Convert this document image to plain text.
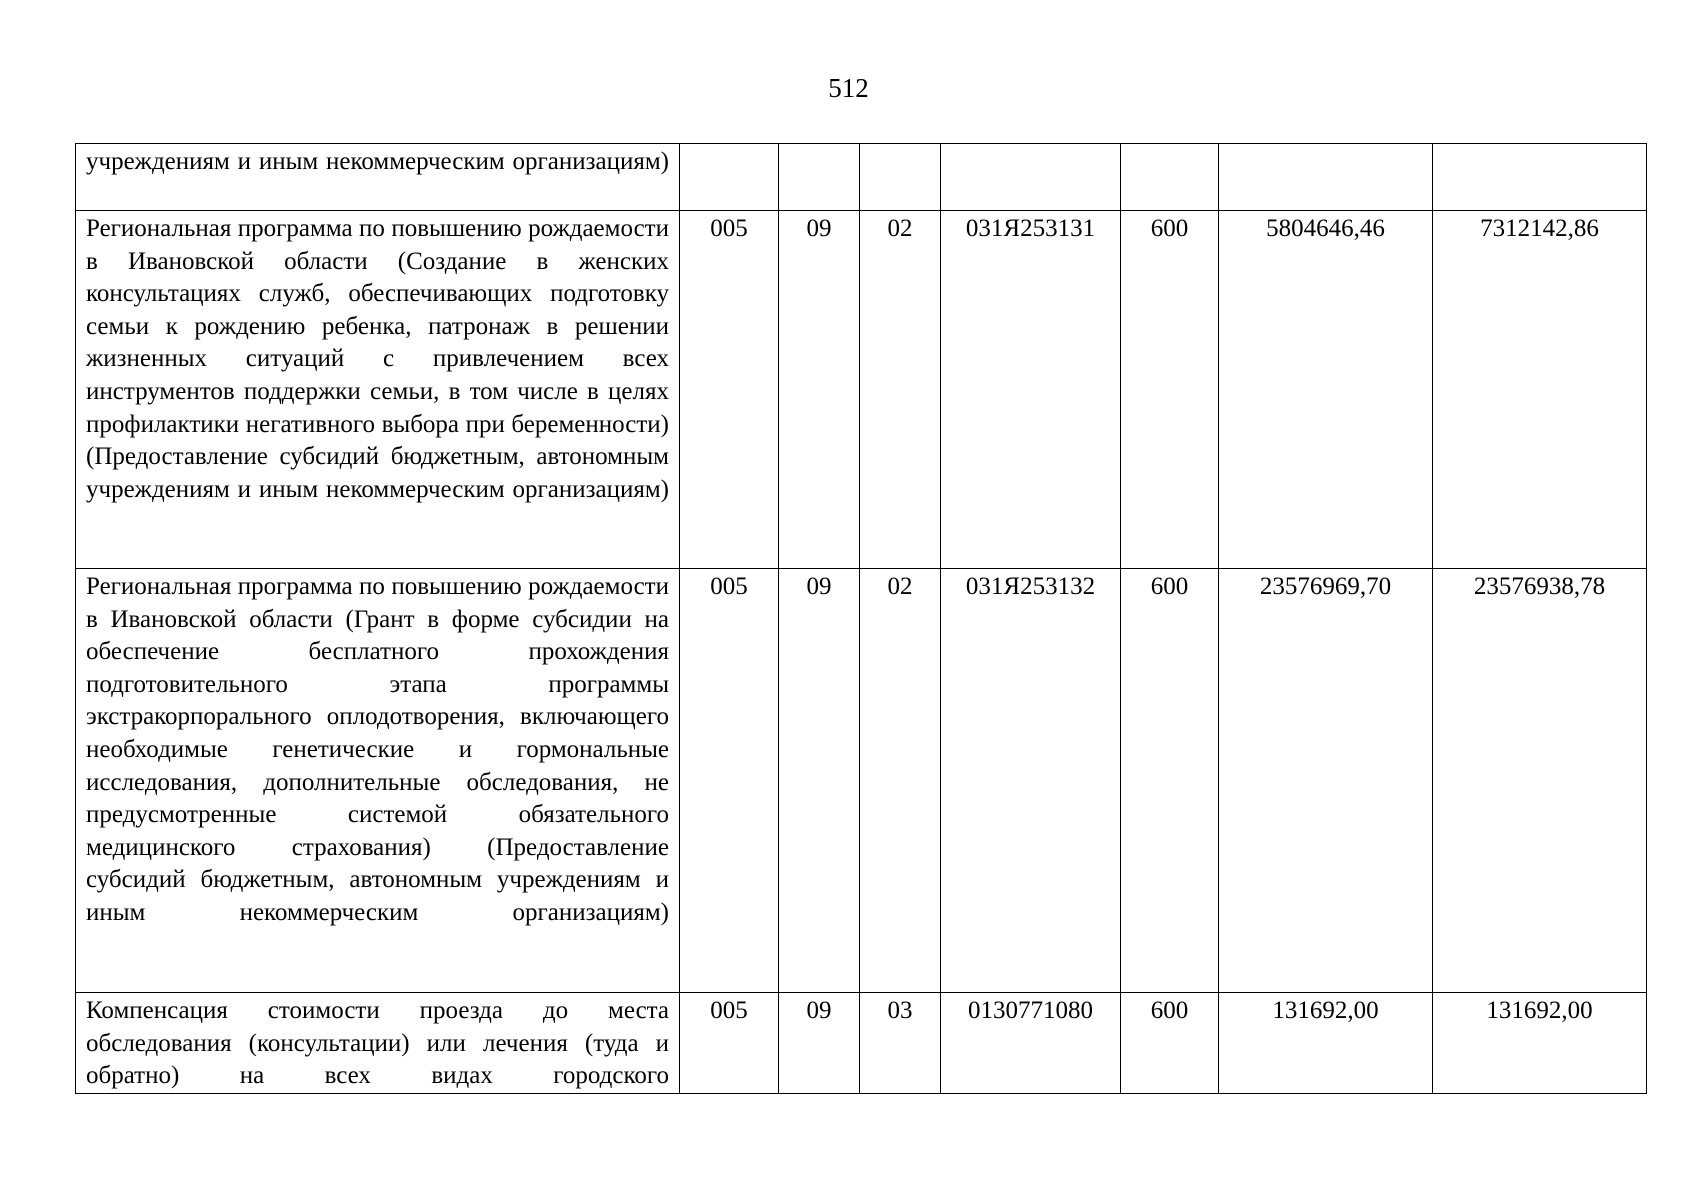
512
учреждениям и иным некоммерческим организациям)							

Региональная программа по повышению рождаемости в Ивановской области (Создание в женских консультациях служб, обеспечивающих подготовку семьи к рождению ребенка, патронаж в решении жизненных ситуаций с привлечением всех инструментов поддержки семьи, в том числе в целях профилактики негативного выбора при беременности) (Предоставление субсидий бюджетным, автономным учреждениям и иным некоммерческим организациям)	005	09	02	031Я253131	600	5804646,46	7312142,86

Региональная программа по повышению рождаемости в Ивановской области (Грант в форме субсидии на обеспечение бесплатного прохождения подготовительного этапа программы экстракорпорального оплодотворения, включающего необходимые генетические и гормональные исследования, дополнительные обследования, не предусмотренные системой обязательного медицинского страхования) (Предоставление субсидий бюджетным, автономным учреждениям и иным некоммерческим организациям)	005	09	02	031Я253132	600	23576969,70	23576938,78

Компенсация стоимости проезда до места обследования (консультации) или лечения (туда и обратно) на всех видах городского	005	09	03	0130771080	600	131692,00	131692,00
